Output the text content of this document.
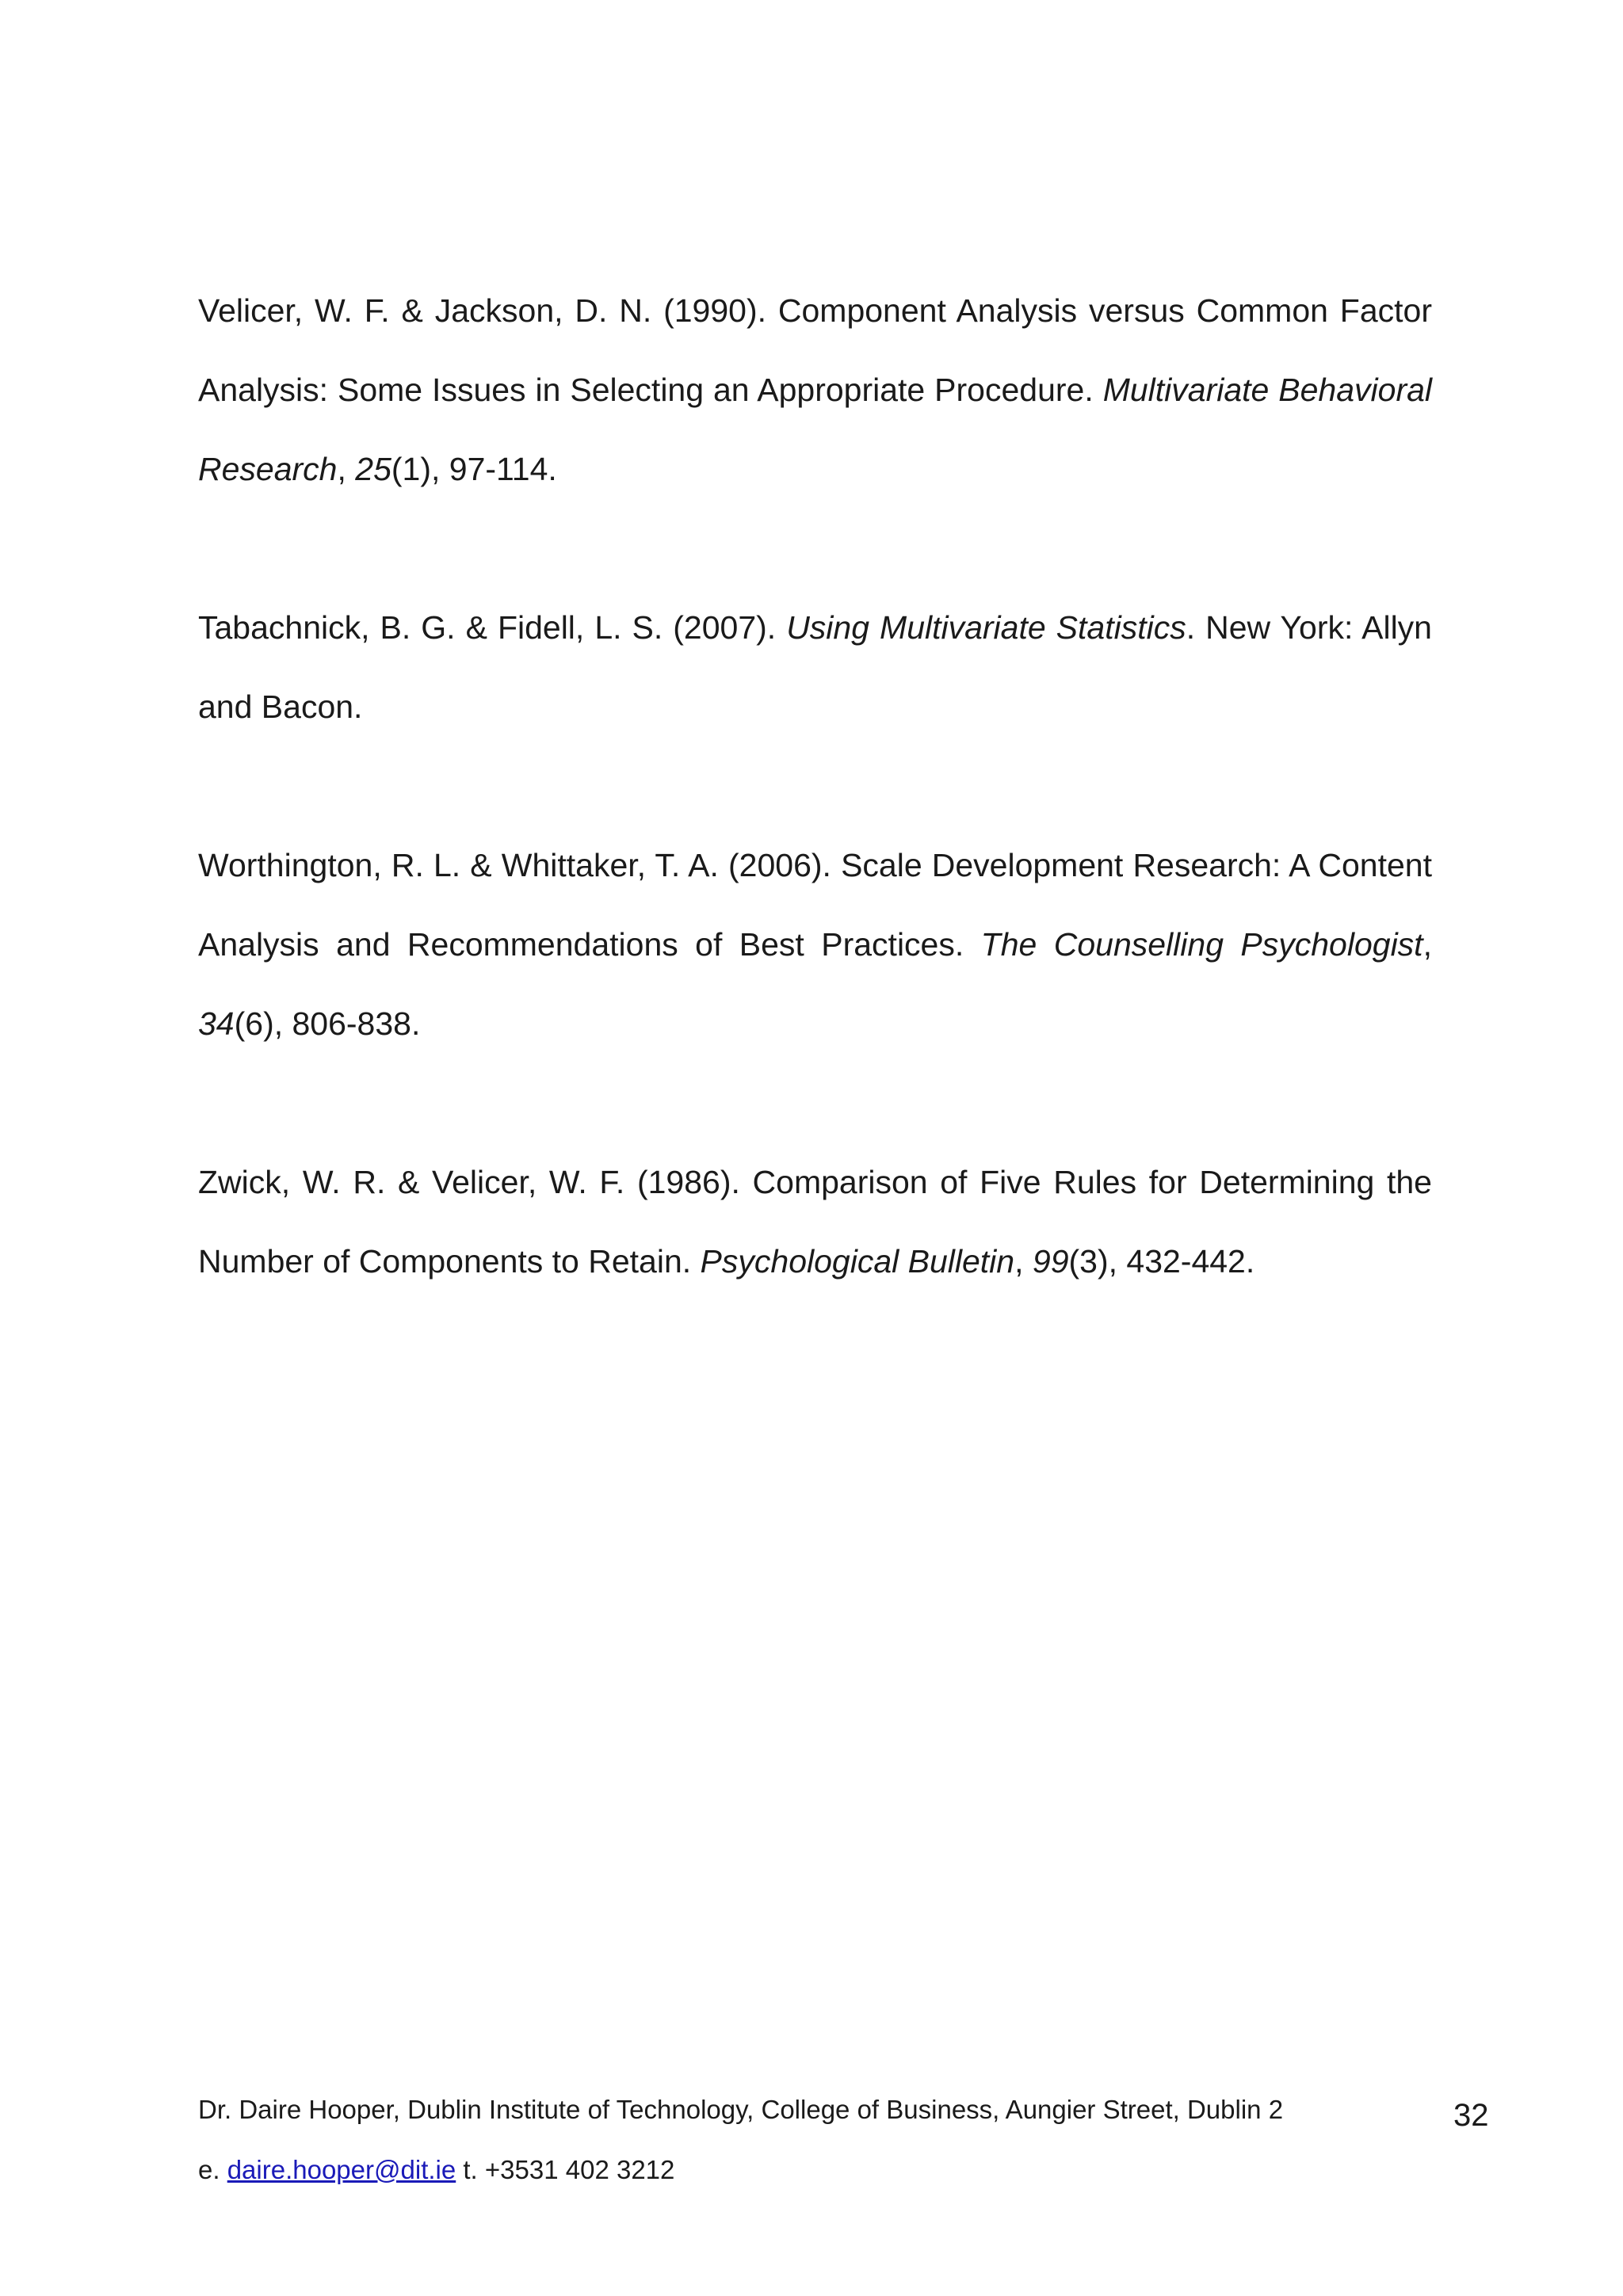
Velicer, W. F. & Jackson, D. N. (1990). Component Analysis versus Common Factor Analysis: Some Issues in Selecting an Appropriate Procedure. Multivariate Behavioral Research, 25(1), 97-114.

Tabachnick, B. G. & Fidell, L. S. (2007). Using Multivariate Statistics. New York: Allyn and Bacon.

Worthington, R. L. & Whittaker, T. A. (2006). Scale Development Research: A Content Analysis and Recommendations of Best Practices. The Counselling Psychologist, 34(6), 806-838.

Zwick, W. R. & Velicer, W. F. (1986). Comparison of Five Rules for Determining the Number of Components to Retain. Psychological Bulletin, 99(3), 432-442.

Dr. Daire Hooper, Dublin Institute of Technology, College of Business, Aungier Street, Dublin 2
e. daire.hooper@dit.ie t. +3531 402 3212
32
